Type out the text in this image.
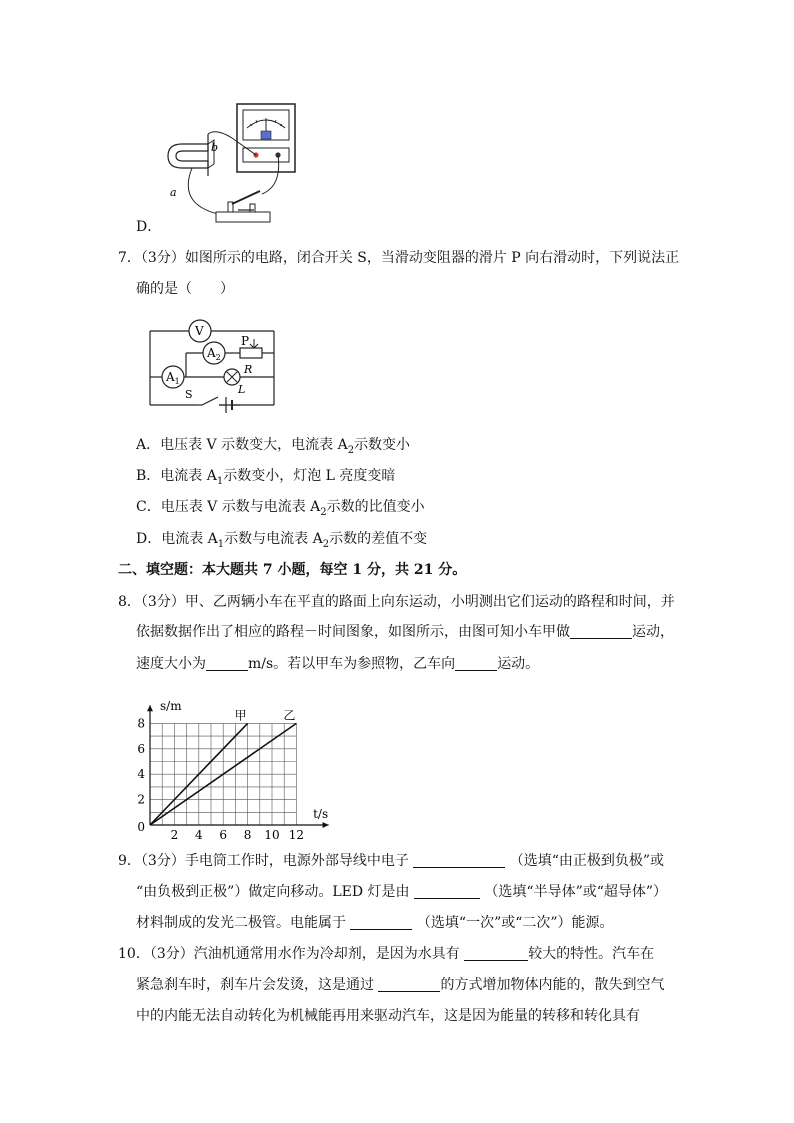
b
a
D．
7．（3分）如图所示的电路，闭合开关 S，当滑动变阻器的滑片 P 向右滑动时，下列说法正
确的是（　　）
V
$A_2$
$A_1$
P
R
L
S
A．电压表 V 示数变大，电流表 $A_2$示数变小
B．电流表 $A_1$示数变小，灯泡 L 亮度变暗
C．电压表 V 示数与电流表 $A_2$示数的比值变小
D．电流表 $A_1$示数与电流表 $A_2$示数的差值不变
二、填空题：本大题共 7 小题，每空 1 分，共 21 分。
8．（3分）甲、乙两辆小车在平直的路面上向东运动，小明测出它们运动的路程和时间，并
依据数据作出了相应的路程－时间图象，如图所示，由图可知小车甲做	运动，
速度大小为	m/s。若以甲车为参照物，乙车向	运动。
2 4 6 8 10 12
2
4
6
8
0
s/m
t/s
甲	乙
9．（3分）手电筒工作时，电源外部导线中电子	（选填“由正极到负极”或
“由负极到正极”）做定向移动。LED 灯是由	（选填“半导体”或“超导体”）
材料制成的发光二极管。电能属于	（选填“一次”或“二次”）能源。
10．（3分）汽油机通常用水作为冷却剂，是因为水具有	较大的特性。汽车在
紧急刹车时，刹车片会发烫，这是通过	的方式增加物体内能的，散失到空气
中的内能无法自动转化为机械能再用来驱动汽车，这是因为能量的转移和转化具有
